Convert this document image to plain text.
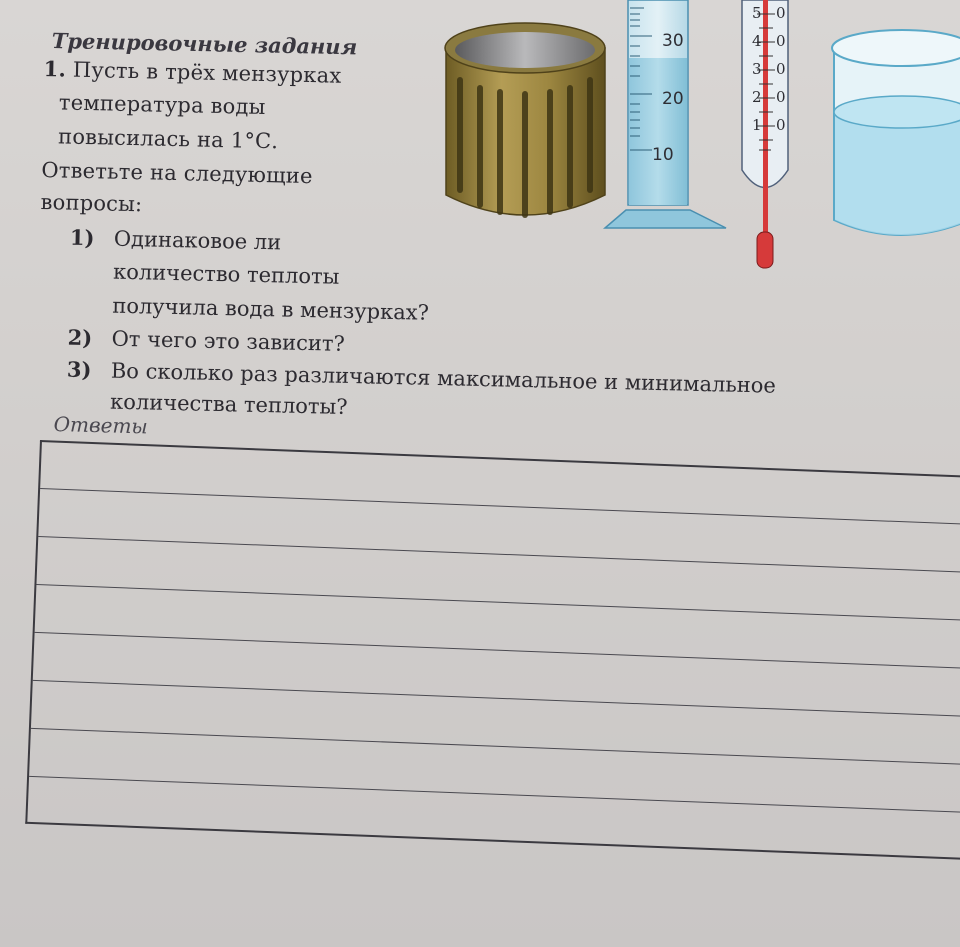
Тренировочные задания
1. Пусть в трёх мензурках
температура воды
повысилась на 1°С.
Ответьте на следующие
вопросы:
1) Одинаковое ли
количество теплоты
получила вода в мензурках?
2) От чего это зависит?
3) Во сколько раз различаются максимальное и минимальное
количества теплоты?
Ответы
30
20
10
5
4
3
2
1
0
0
0
0
0
